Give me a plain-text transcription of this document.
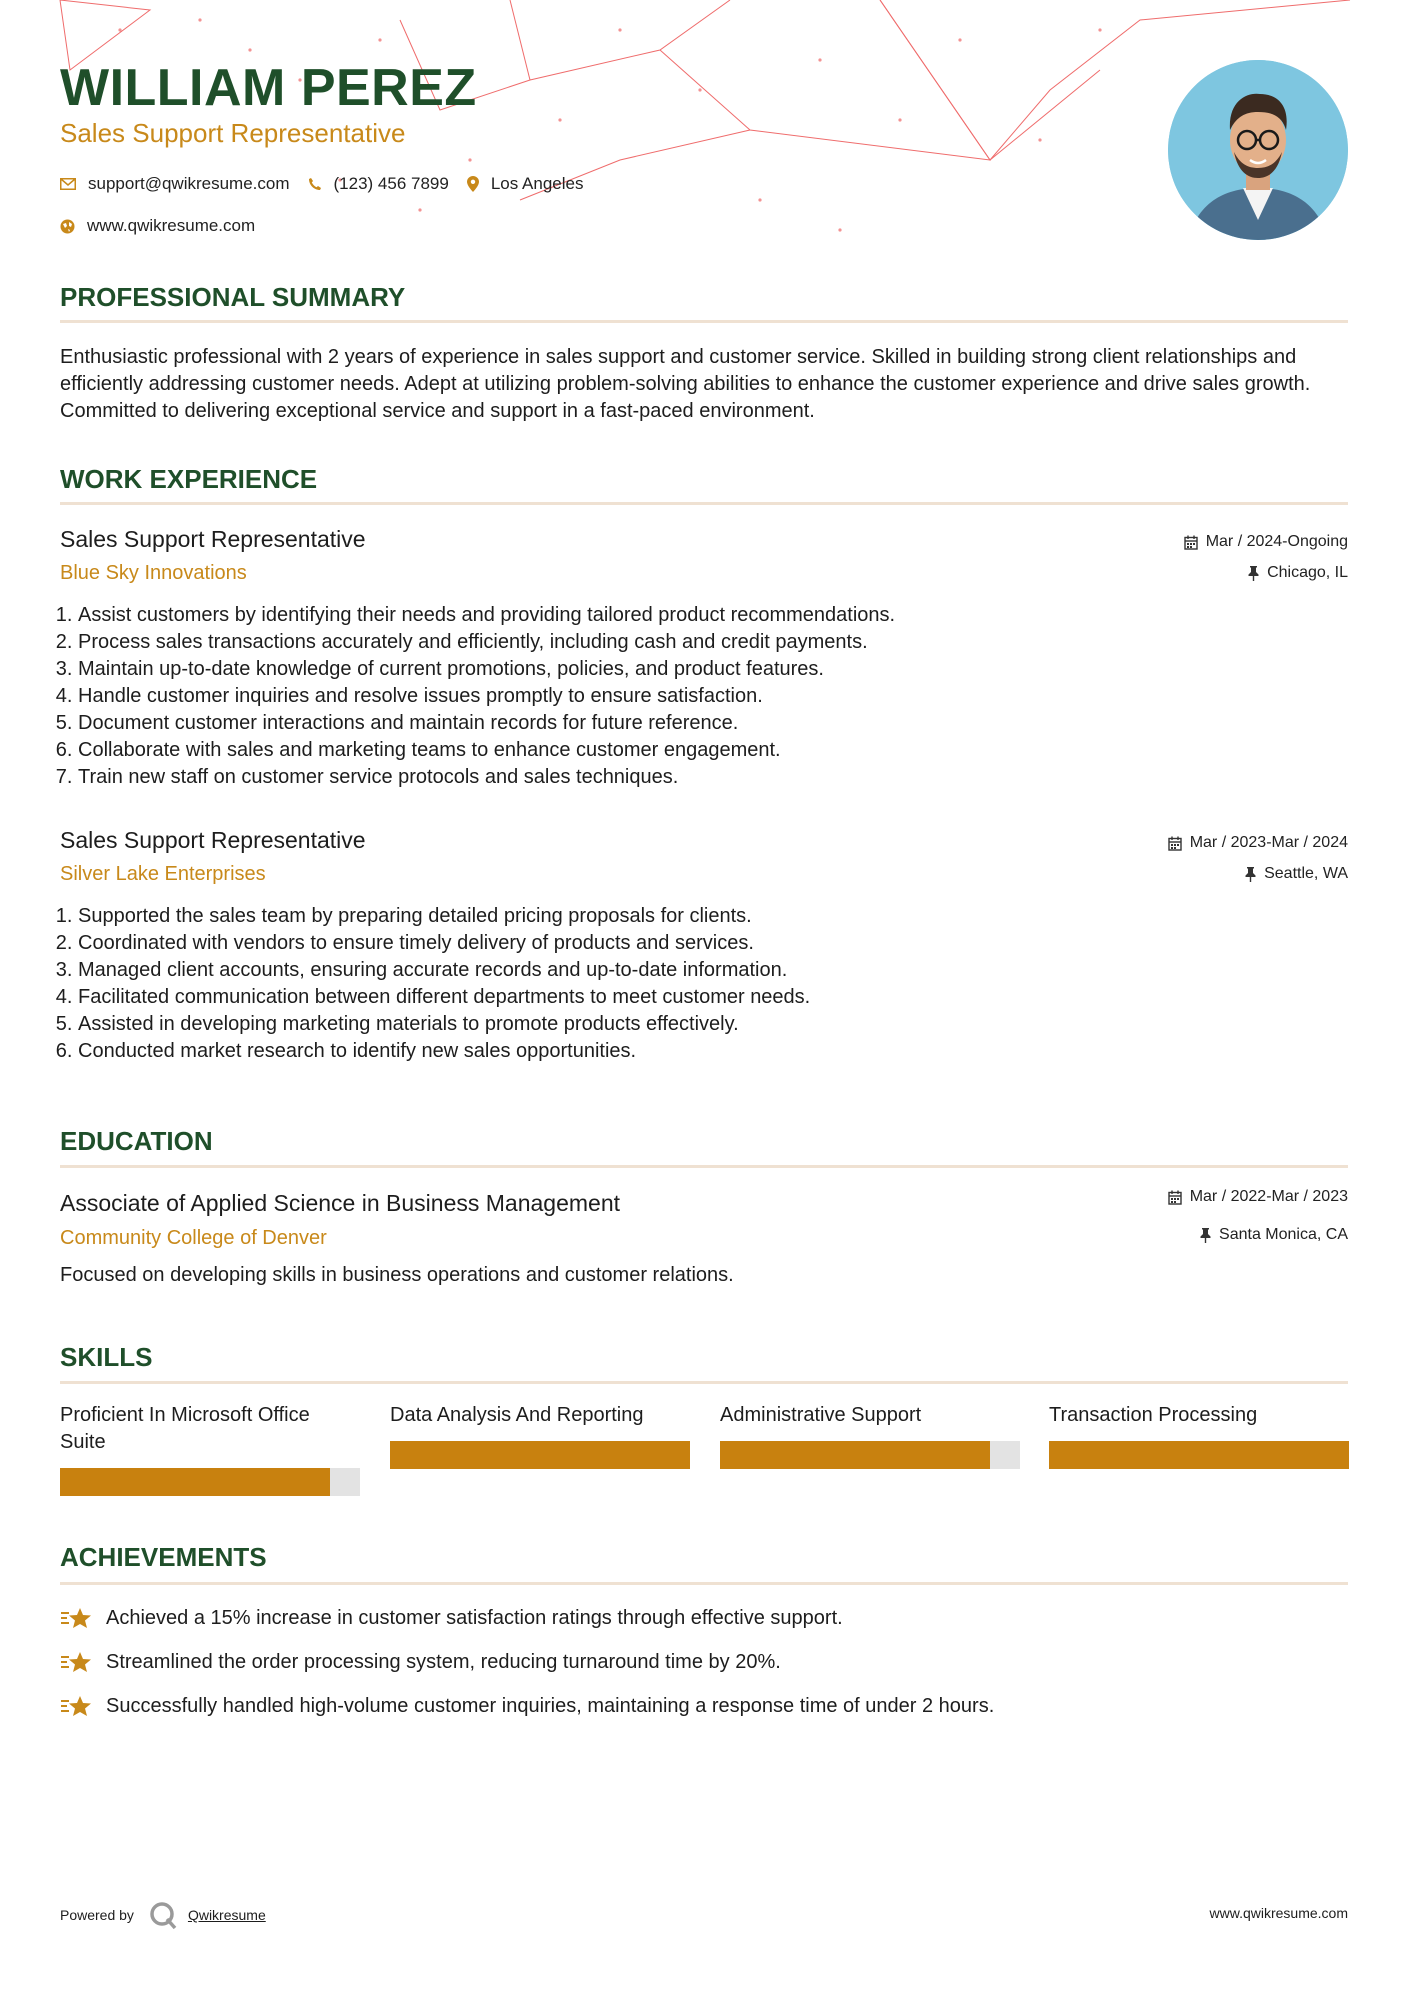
WILLIAM PEREZ
Sales Support Representative
support@qwikresume.com	(123) 456 7899 Los Angeles
www.qwikresume.com
PROFESSIONAL SUMMARY

Enthusiastic professional with 2 years of experience in sales support and customer service. Skilled in building strong client relationships and efficiently addressing customer needs. Adept at utilizing problem-solving abilities to enhance the customer experience and drive sales growth. Committed to delivering exceptional service and support in a fast-paced environment.

WORK EXPERIENCE
Sales Support Representative
Blue Sky Innovations
Mar / 2024-Ongoing
Chicago, IL
1. Assist customers by identifying their needs and providing tailored product recommendations.
2. Process sales transactions accurately and efficiently, including cash and credit payments.
3. Maintain up-to-date knowledge of current promotions, policies, and product features.
4. Handle customer inquiries and resolve issues promptly to ensure satisfaction.
5. Document customer interactions and maintain records for future reference.
6. Collaborate with sales and marketing teams to enhance customer engagement.
7. Train new staff on customer service protocols and sales techniques.
Sales Support Representative
Silver Lake Enterprises
Mar / 2023-Mar / 2024
Seattle, WA
1. Supported the sales team by preparing detailed pricing proposals for clients.
2. Coordinated with vendors to ensure timely delivery of products and services.
3. Managed client accounts, ensuring accurate records and up-to-date information.
4. Facilitated communication between different departments to meet customer needs.
5. Assisted in developing marketing materials to promote products effectively.
6. Conducted market research to identify new sales opportunities.
EDUCATION
Associate of Applied Science in Business Management
Community College of Denver
Mar / 2022-Mar / 2023
Santa Monica, CA

Focused on developing skills in business operations and customer relations.

SKILLS
Proficient In Microsoft Office Suite
Data Analysis And Reporting	Administrative Support	Transaction Processing
ACHIEVEMENTS
Achieved a 15% increase in customer satisfaction ratings through effective support.
Streamlined the order processing system, reducing turnaround time by 20%.
Successfully handled high-volume customer inquiries, maintaining a response time of under 2 hours.
Powered by	Qwikresume	www.qwikresume.com
